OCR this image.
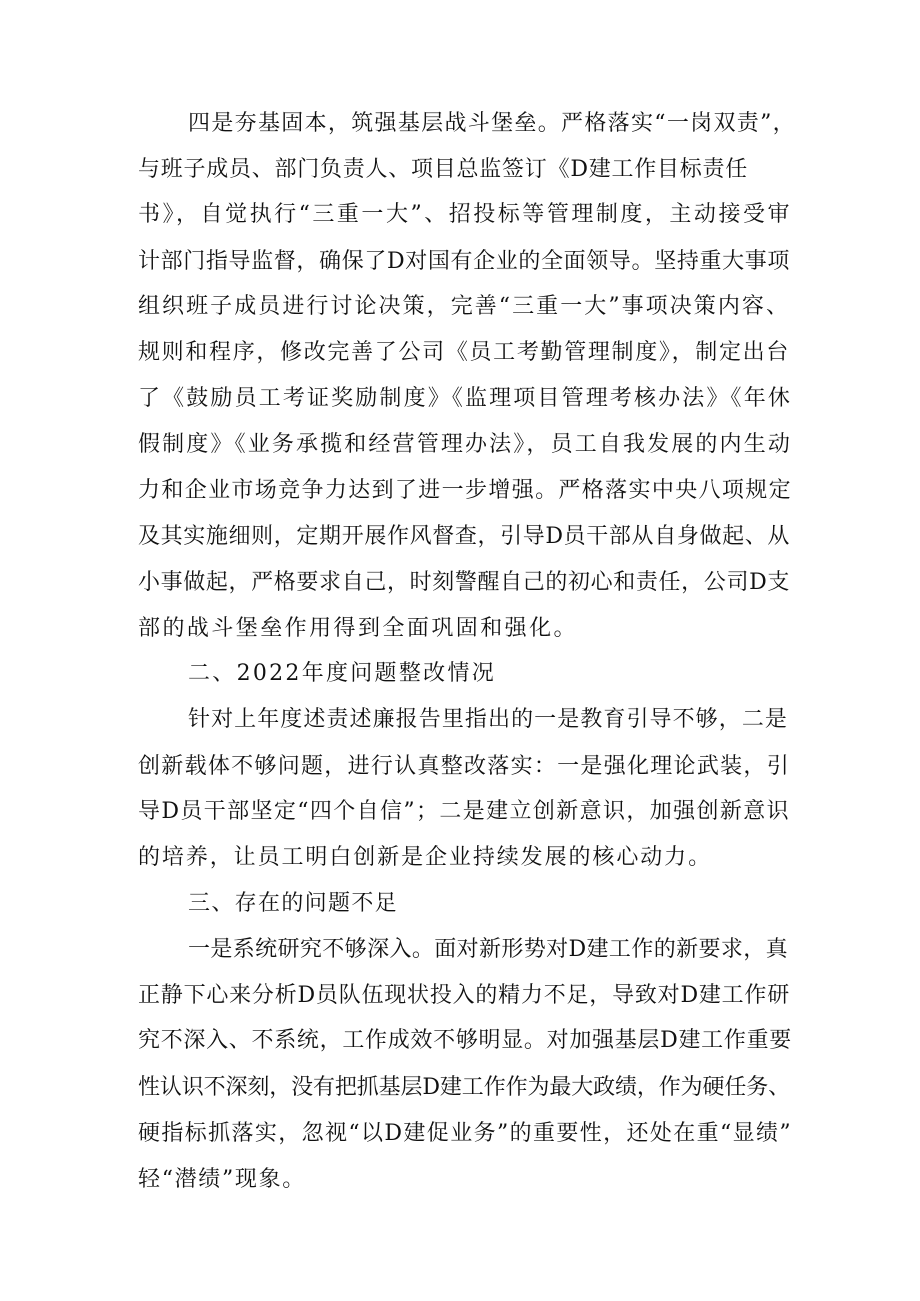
四是夯基固本，筑强基层战斗堡垒。严格落实“一岗双责”，
与班子成员、部门负责人、项目总监签订《D建工作目标责任
书》，自觉执行“三重一大”、招投标等管理制度，主动接受审
计部门指导监督，确保了D对国有企业的全面领导。坚持重大事项
组织班子成员进行讨论决策，完善“三重一大”事项决策内容、
规则和程序，修改完善了公司《员工考勤管理制度》，制定出台
了《鼓励员工考证奖励制度》《监理项目管理考核办法》《年休
假制度》《业务承揽和经营管理办法》，员工自我发展的内生动
力和企业市场竞争力达到了进一步增强。严格落实中央八项规定
及其实施细则，定期开展作风督查，引导D员干部从自身做起、从
小事做起，严格要求自己，时刻警醒自己的初心和责任，公司D支
部的战斗堡垒作用得到全面巩固和强化。
二、2022年度问题整改情况
针对上年度述责述廉报告里指出的一是教育引导不够，二是
创新载体不够问题，进行认真整改落实：一是强化理论武装，引
导D员干部坚定“四个自信”；二是建立创新意识，加强创新意识
的培养，让员工明白创新是企业持续发展的核心动力。
三、存在的问题不足
一是系统研究不够深入。面对新形势对D建工作的新要求，真
正静下心来分析D员队伍现状投入的精力不足，导致对D建工作研
究不深入、不系统，工作成效不够明显。对加强基层D建工作重要
性认识不深刻，没有把抓基层D建工作作为最大政绩，作为硬任务、
硬指标抓落实，忽视“以D建促业务”的重要性，还处在重“显绩”
轻“潜绩”现象。
